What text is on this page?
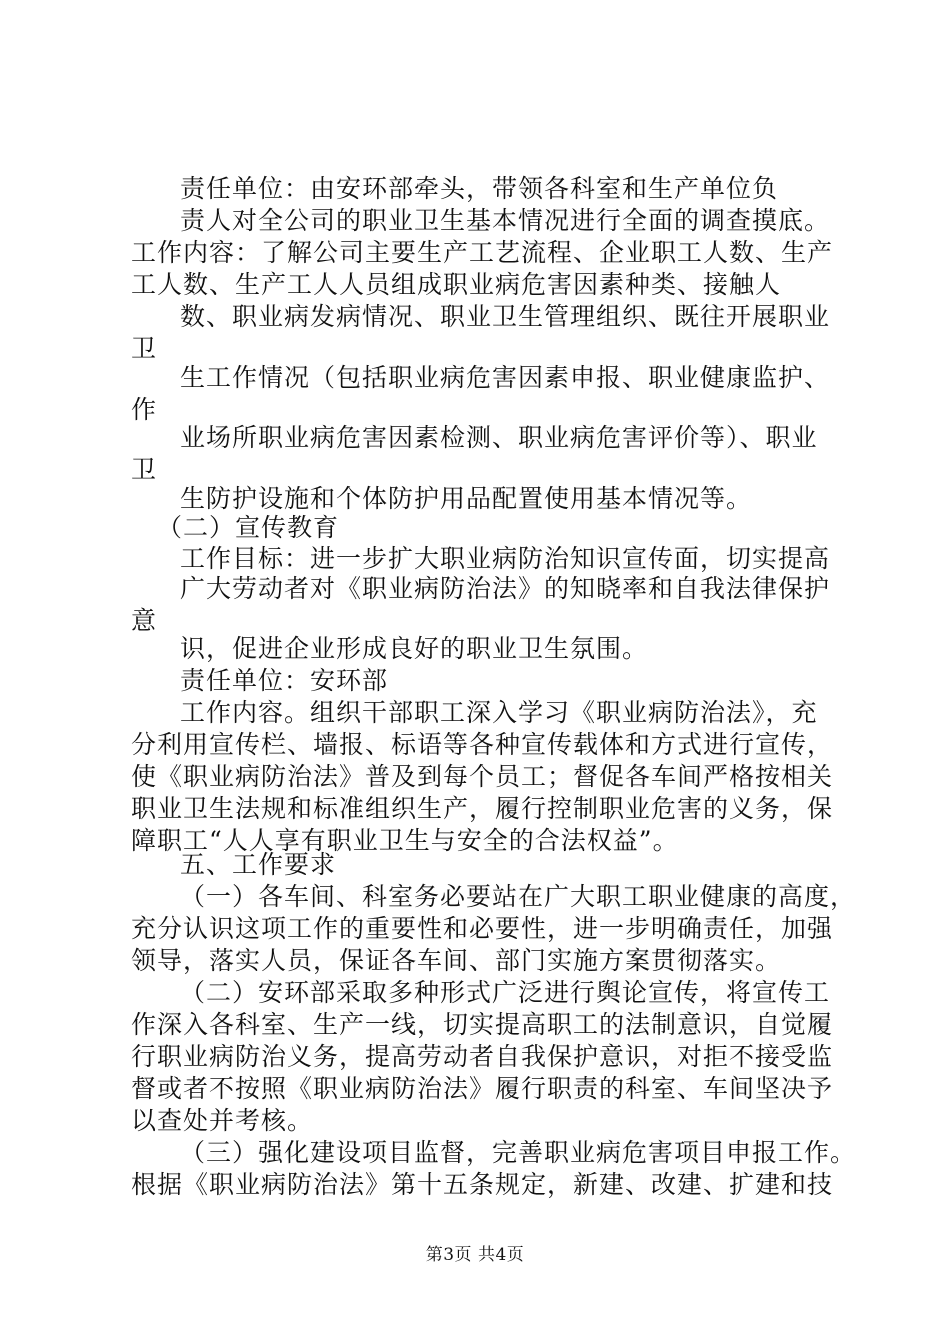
责任单位：由安环部牵头，带领各科室和生产单位负
责人对全公司的职业卫生基本情况进行全面的调查摸底。
工作内容：了解公司主要生产工艺流程、企业职工人数、生产
工人数、生产工人人员组成职业病危害因素种类、接触人
数、职业病发病情况、职业卫生管理组织、既往开展职业
卫
生工作情况（包括职业病危害因素申报、职业健康监护、
作
业场所职业病危害因素检测、职业病危害评价等）、职业
卫
生防护设施和个体防护用品配置使用基本情况等。
（二）宣传教育
工作目标：进一步扩大职业病防治知识宣传面，切实提高
广大劳动者对《职业病防治法》的知晓率和自我法律保护
意
识，促进企业形成良好的职业卫生氛围。
责任单位：安环部
工作内容。组织干部职工深入学习《职业病防治法》，充
分利用宣传栏、墙报、标语等各种宣传载体和方式进行宣传，
使《职业病防治法》普及到每个员工；督促各车间严格按相关
职业卫生法规和标准组织生产，履行控制职业危害的义务，保
障职工“人人享有职业卫生与安全的合法权益”。
五、工作要求
（一）各车间、科室务必要站在广大职工职业健康的高度，
充分认识这项工作的重要性和必要性，进一步明确责任，加强
领导，落实人员，保证各车间、部门实施方案贯彻落实。
（二）安环部采取多种形式广泛进行舆论宣传，将宣传工
作深入各科室、生产一线，切实提高职工的法制意识，自觉履
行职业病防治义务，提高劳动者自我保护意识，对拒不接受监
督或者不按照《职业病防治法》履行职责的科室、车间坚决予
以查处并考核。
（三）强化建设项目监督，完善职业病危害项目申报工作。
根据《职业病防治法》第十五条规定，新建、改建、扩建和技
第3页 共4页
